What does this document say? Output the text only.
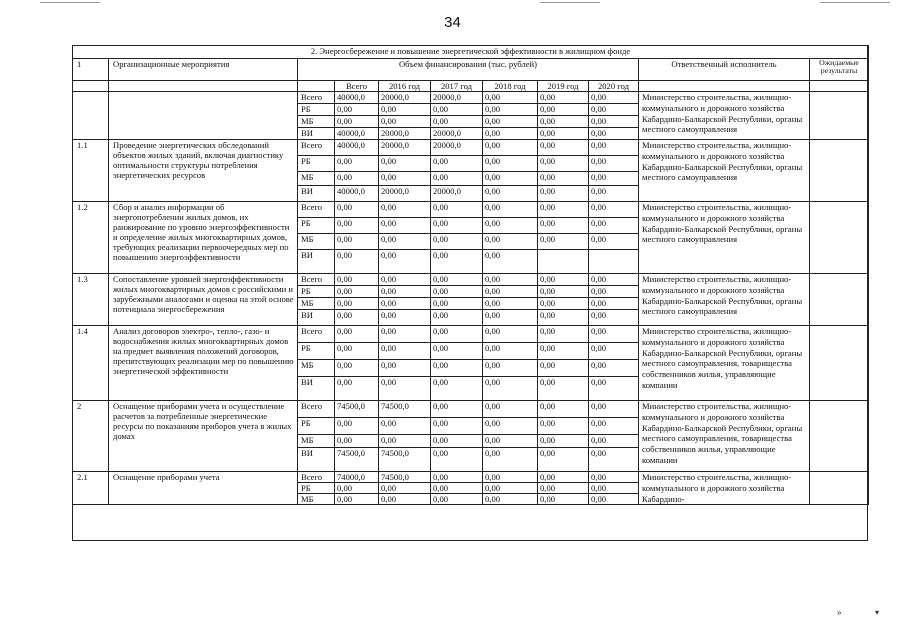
34
2. Энергосбережение и повышение энергетической эффективности в жилищном фонде										
1	Организационные мероприятия	Объем финансирования (тыс. рублей)							Ответственный исполнитель	Ожидаемые результаты
			Всего	2016 год	2017 год	2018 год	2019 год	2020 год		
		Всего	40000,0	20000,0	20000,0	0,00	0,00	0,00	Министерство строительства, жилищно-коммунального и дорожного хозяйства Кабардино-Балкарской Республики, органы местного самоуправления	
		РБ	0,00	0,00	0,00	0,00	0,00	0,00		
		МБ	0,00	0,00	0,00	0,00	0,00	0,00		
		ВИ	40000,0	20000,0	20000,0	0,00	0,00	0,00		
1.1	Проведение энергетических обследований объектов жилых зданий, включая диагностику оптимальности структуры потребления энергетических ресурсов	Всего	40000,0	20000,0	20000,0	0,00	0,00	0,00	Министерство строительства, жилищно-коммунального и дорожного хозяйства Кабардино-Балкарской Республики, органы местного самоуправления	
		РБ	0,00	0,00	0,00	0,00	0,00	0,00		
		МБ	0,00	0,00	0,00	0,00	0,00	0,00		
		ВИ	40000,0	20000,0	20000,0	0,00	0,00	0,00		
1.2	Сбор и анализ информации об энергопотреблении жилых домов, их ранжирование по уровню энергоэффективности и определение жилых многоквартирных домов, требующих реализации первоочередных мер по повышению энергоэффективности	Всего	0,00	0,00	0,00	0,00	0,00	0,00	Министерство строительства, жилищно-коммунального и дорожного хозяйства Кабардино-Балкарской Республики, органы местного самоуправления	
		РБ	0,00	0,00	0,00	0,00	0,00	0,00		
		МБ	0,00	0,00	0,00	0,00	0,00	0,00		
		ВИ	0,00	0,00	0,00	0,00				
1.3	Сопоставление уровней энергоэффективности жилых многоквартирных домов с российскими и зарубежными аналогами и оценка на этой основе потенциала энергосбережения	Всего	0,00	0,00	0,00	0,00	0,00	0,00	Министерство строительства, жилищно-коммунального и дорожного хозяйства Кабардино-Балкарской Республики, органы местного самоуправления	
		РБ	0,00	0,00	0,00	0,00	0,00	0,00		
		МБ	0,00	0,00	0,00	0,00	0,00	0,00		
		ВИ	0,00	0,00	0,00	0,00	0,00	0,00		
1.4	Анализ договоров электро-, тепло-, газо- и водоснабжения жилых многоквартирных домов на предмет выявления положений договоров, препятствующих реализации мер по повышению энергетической эффективности	Всего	0,00	0,00	0,00	0,00	0,00	0,00	Министерство строительства, жилищно-коммунального и дорожного хозяйства Кабардино-Балкарской Республики, органы местного самоуправления, товарищества собственников жилья, управляющие компании	
		РБ	0,00	0,00	0,00	0,00	0,00	0,00		
		МБ	0,00	0,00	0,00	0,00	0,00	0,00		
		ВИ	0,00	0,00	0,00	0,00	0,00	0,00		
2	Оснащение приборами учета и осуществление расчетов за потребленные энергетические ресурсы по показаниям приборов учета в жилых домах	Всего	74500,0	74500,0	0,00	0,00	0,00	0,00	Министерство строительства, жилищно-коммунального и дорожного хозяйства Кабардино-Балкарской Республики, органы местного самоуправления, товарищества собственников жилья, управляющие компании	
		РБ	0,00	0,00	0,00	0,00	0,00	0,00		
		МБ	0,00	0,00	0,00	0,00	0,00	0,00		
		ВИ	74500,0	74500,0	0,00	0,00	0,00	0,00		
2.1	Оснащение приборами учета	Всего	74000,0	74500,0	0,00	0,00	0,00	0,00	Министерство строительства, жилищно-коммунального и дорожного хозяйства Кабардино-	
		РБ	0,00	0,00	0,00	0,00	0,00	0,00		
		МБ	0,00	0,00	0,00	0,00	0,00	0,00		
»	▾
